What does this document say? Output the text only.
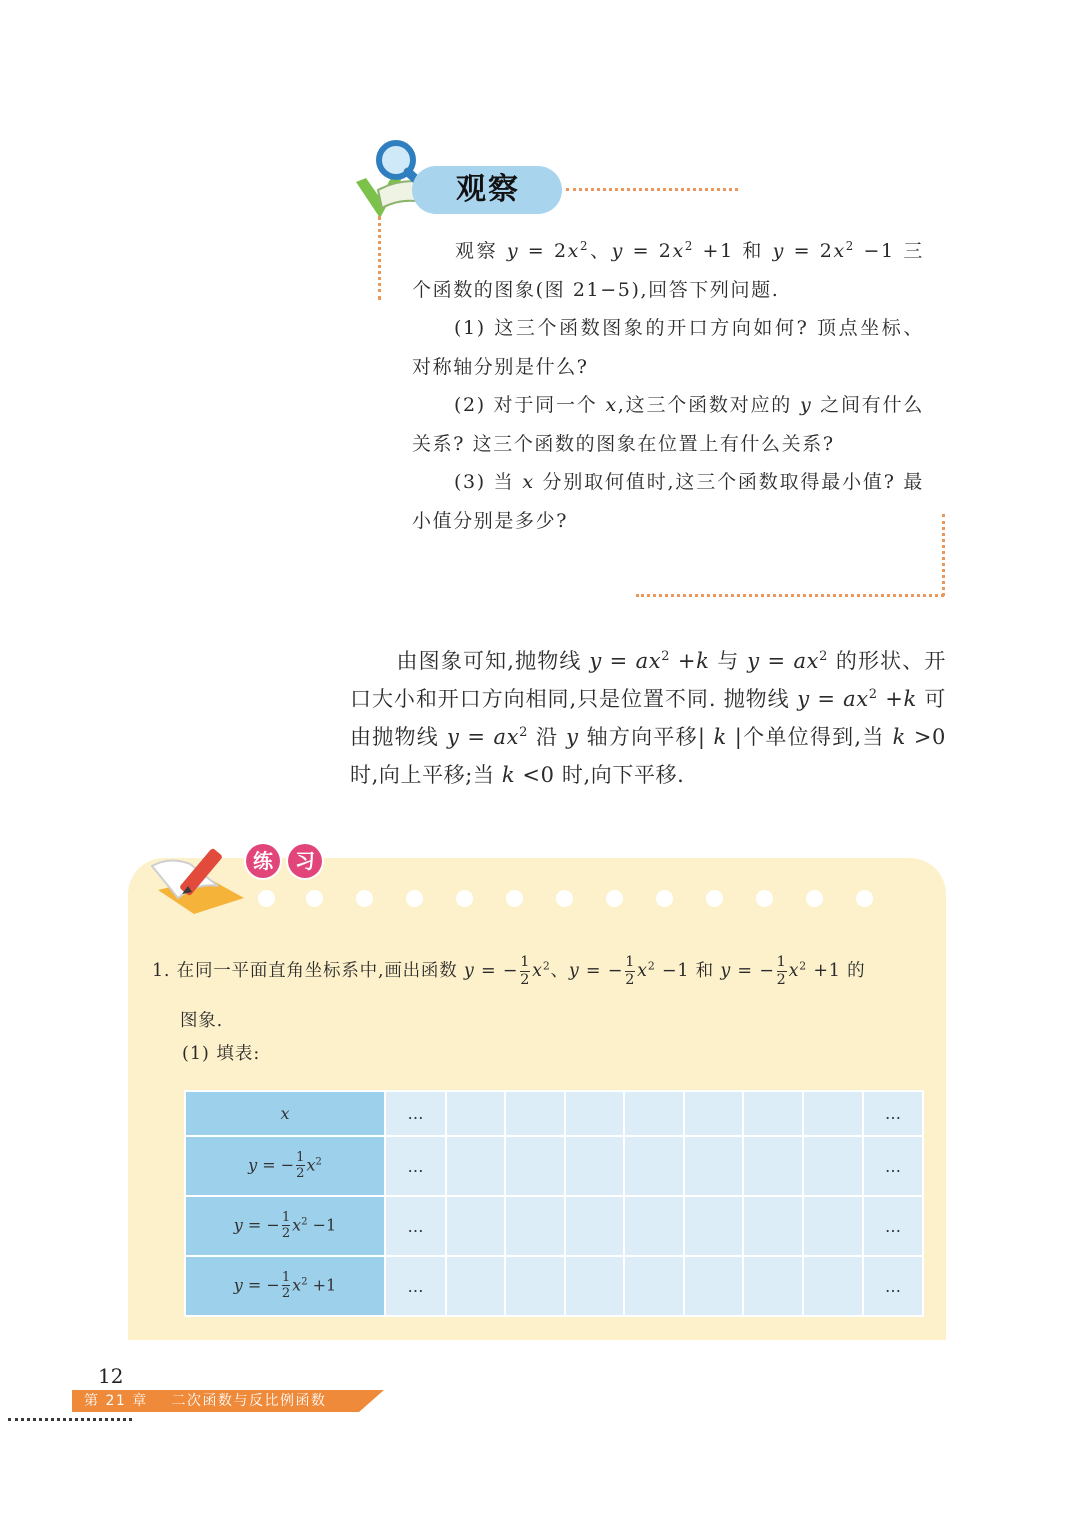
观察

观察 $y = 2x^2$、$y = 2x^2 +1$ 和 $y = 2x^2 -1$ 三个函数的图象(图 21−5),回答下列问题.
(1) 这三个函数图象的开口方向如何? 顶点坐标、对称轴分别是什么?
(2) 对于同一个 x,这三个函数对应的 y 之间有什么关系? 这三个函数的图象在位置上有什么关系?
(3) 当 x 分别取何值时,这三个函数取得最小值? 最小值分别是多少?

由图象可知,抛物线 $y = ax^2 +k$ 与 $y = ax^2$ 的形状、开口大小和开口方向相同,只是位置不同. 抛物线 $y = ax^2 +k$ 可由抛物线 $y = ax^2$ 沿 y 轴方向平移| k |个单位得到,当 k >0时,向上平移;当 k <0 时,向下平移.

练	习

1. 在同一平面直角坐标系中,画出函数 y = − $\frac{1}{2} x^2$、y = − $\frac{1}{2} x^2 -1$ 和 y = − $\frac{1}{2} x^2 +1$ 的
图象.

(1) 填表:
x	…								…
y = − $\frac{1}{2} x^2$	…								…
y = − $\frac{1}{2} x^2 -1$	…								…
y = − $\frac{1}{2} x^2 +1$	…								…
12
第 21 章    二次函数与反比例函数
